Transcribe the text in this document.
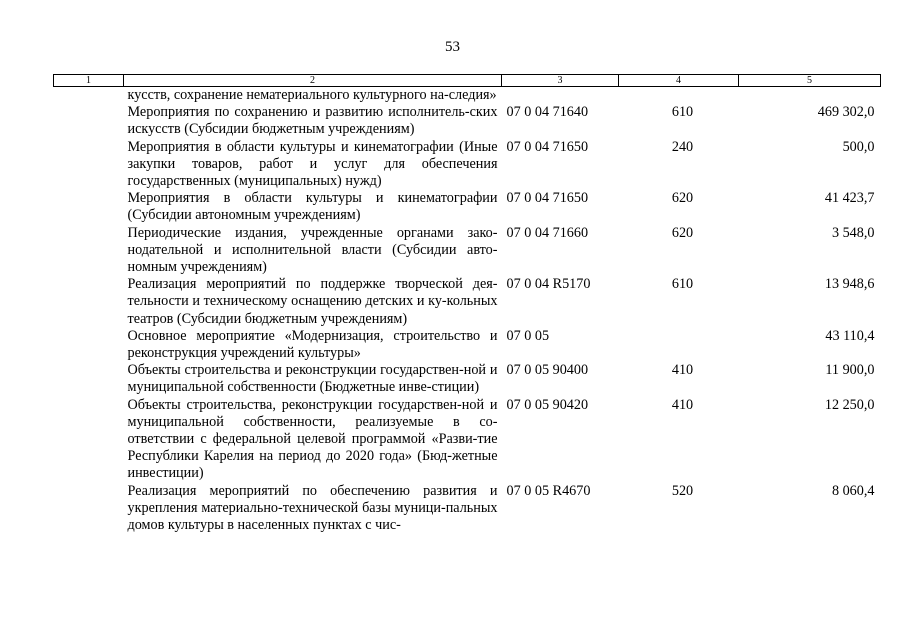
53
1	2	3	4	5
	кусств, сохранение нематериального культурного на-следия»			
	Мероприятия по сохранению и развитию исполнитель-ских искусств (Субсидии бюджетным учреждениям)	07 0 04 71640	610	469 302,0
	Мероприятия в области культуры и кинематографии (Иные закупки товаров, работ и услуг для обеспечения государственных (муниципальных) нужд)	07 0 04 71650	240	500,0
	Мероприятия в области культуры и кинематографии (Субсидии автономным учреждениям)	07 0 04 71650	620	41 423,7
	Периодические издания, учрежденные органами зако-нодательной и исполнительной власти (Субсидии авто-номным учреждениям)	07 0 04 71660	620	3 548,0
	Реализация мероприятий по поддержке творческой дея-тельности и техническому оснащению детских и ку-кольных театров (Субсидии бюджетным учреждениям)	07 0 04 R5170	610	13 948,6
	Основное мероприятие «Модернизация, строительство и реконструкция учреждений культуры»	07 0 05		43 110,4
	Объекты строительства и реконструкции государствен-ной и муниципальной собственности (Бюджетные инве-стиции)	07 0 05 90400	410	11 900,0
	Объекты строительства, реконструкции государствен-ной и муниципальной собственности, реализуемые в со-ответствии с федеральной целевой программой «Разви-тие Республики Карелия на период до 2020 года» (Бюд-жетные инвестиции)	07 0 05 90420	410	12 250,0
	Реализация мероприятий по обеспечению развития и укрепления материально-технической базы муници-пальных домов культуры в населенных пунктах с чис-	07 0 05 R4670	520	8 060,4
